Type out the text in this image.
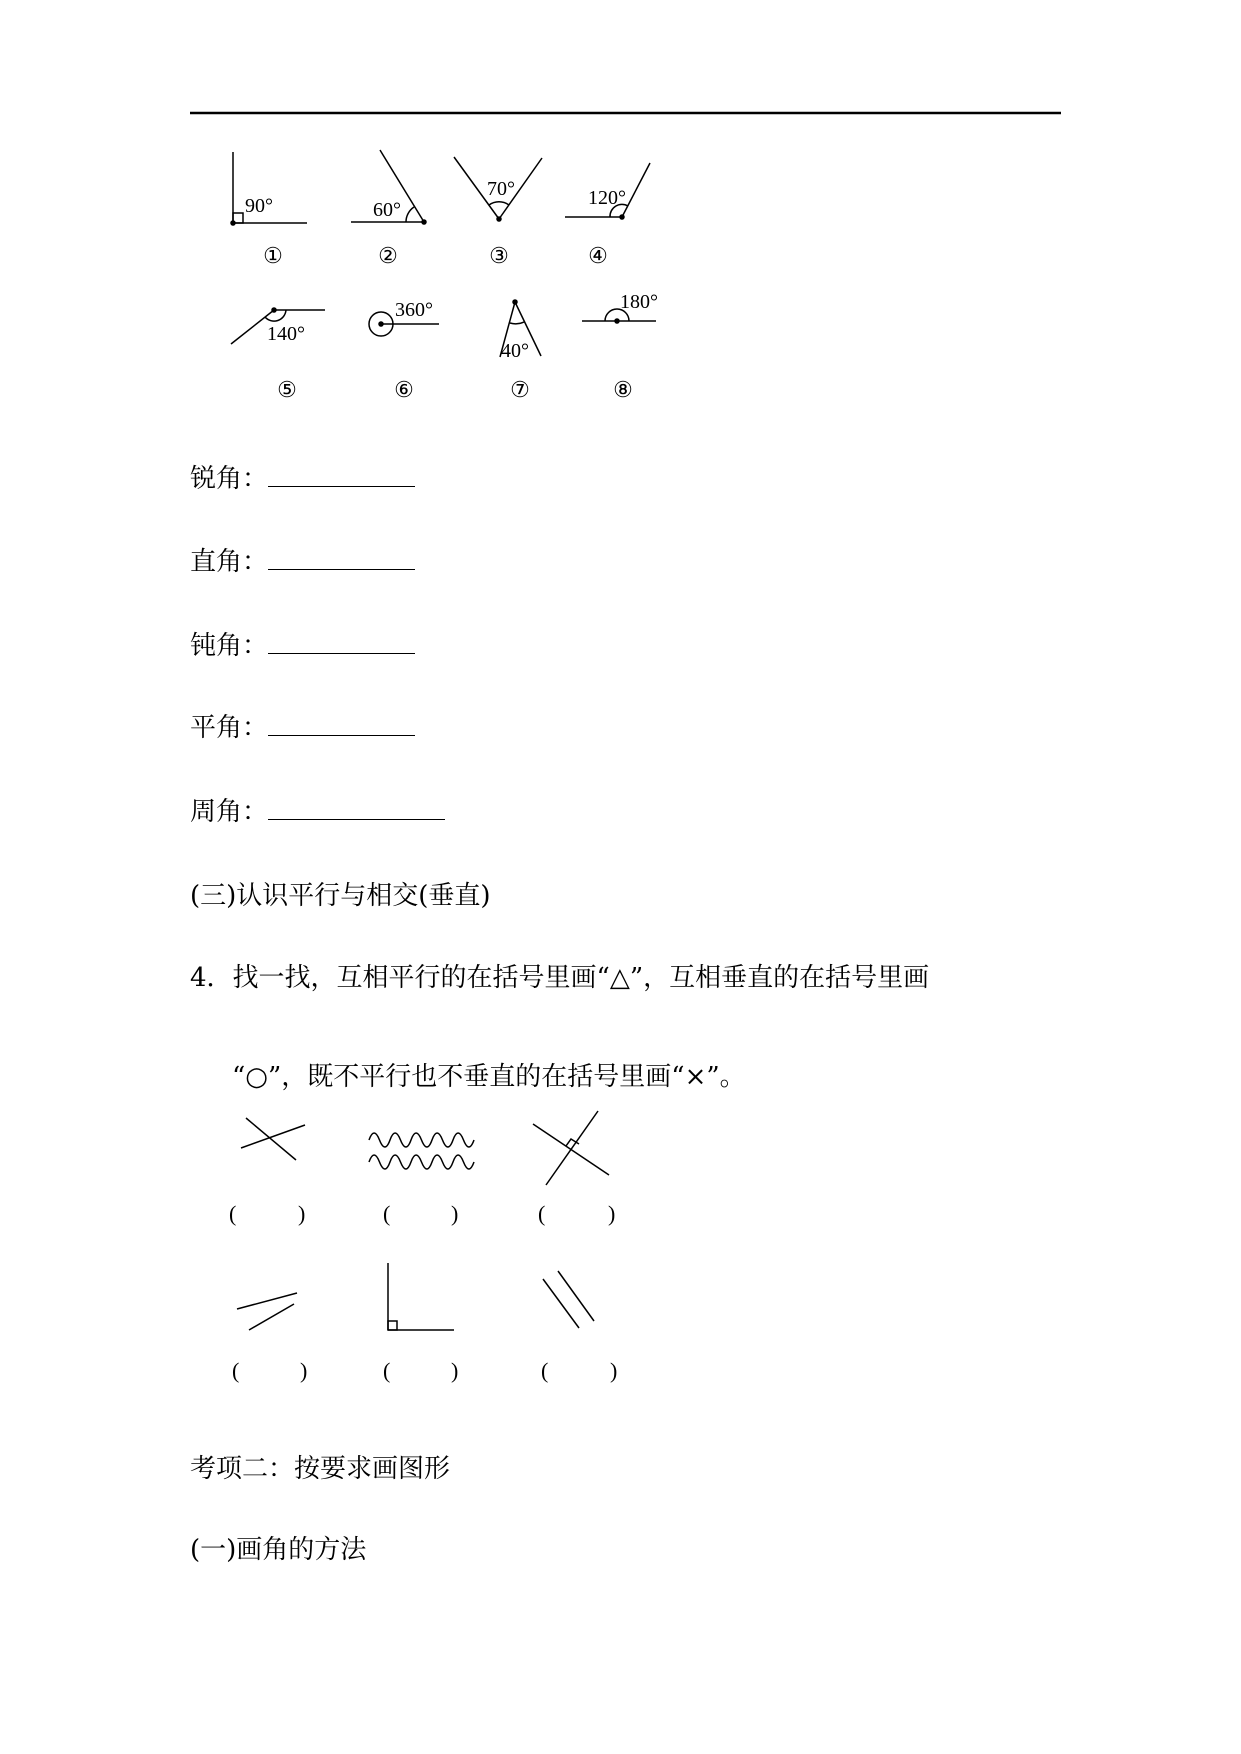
90°	60°
70°	120°
140°
360°
40°
180°
①	②	③	④
⑤	⑥	⑦	⑧
(	)	(	)	(	)
(	)	(	)	(	)
锐角：
直角：
钝角：
平角：
周角：
(三)认识平行与相交(垂直)
4．找一找，互相平行的在括号里画“△”，互相垂直的在括号里画
“○”，既不平行也不垂直的在括号里画“×”。
考项二：按要求画图形
(一)画角的方法
